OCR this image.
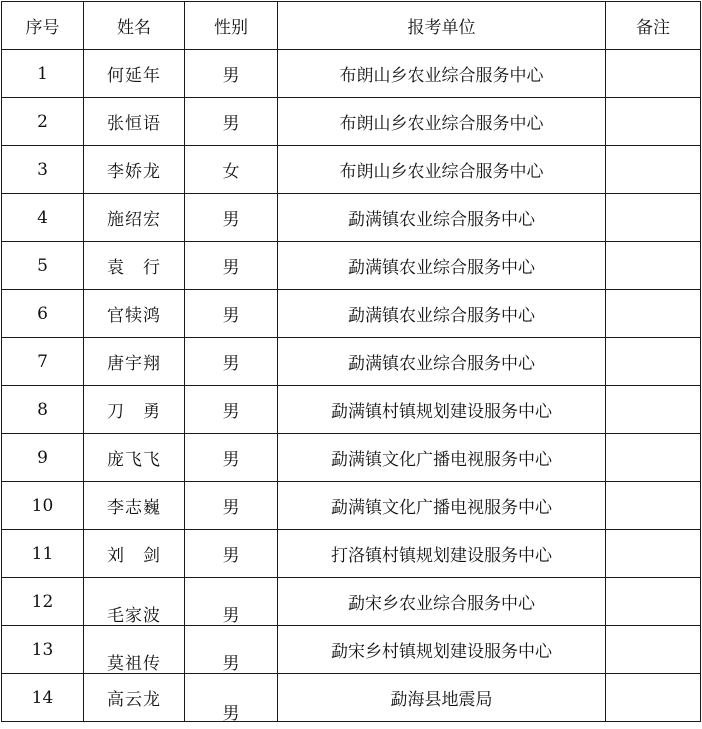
序号	姓名	性别	报考单位	备注
1	何延年	男	布朗山乡农业综合服务中心	
2	张恒语	男	布朗山乡农业综合服务中心	
3	李娇龙	女	布朗山乡农业综合服务中心	
4	施绍宏	男	勐满镇农业综合服务中心	
5	袁　行	男	勐满镇农业综合服务中心	
6	官犊鸿	男	勐满镇农业综合服务中心	
7	唐宇翔	男	勐满镇农业综合服务中心	
8	刀　勇	男	勐满镇村镇规划建设服务中心	
9	庞飞飞	男	勐满镇文化广播电视服务中心	
10	李志巍	男	勐满镇文化广播电视服务中心	
11	刘　剑	男	打洛镇村镇规划建设服务中心	
12	毛家波	男	勐宋乡农业综合服务中心	
13	莫祖传	男	勐宋乡村镇规划建设服务中心	
14	高云龙	男	勐海县地震局	
